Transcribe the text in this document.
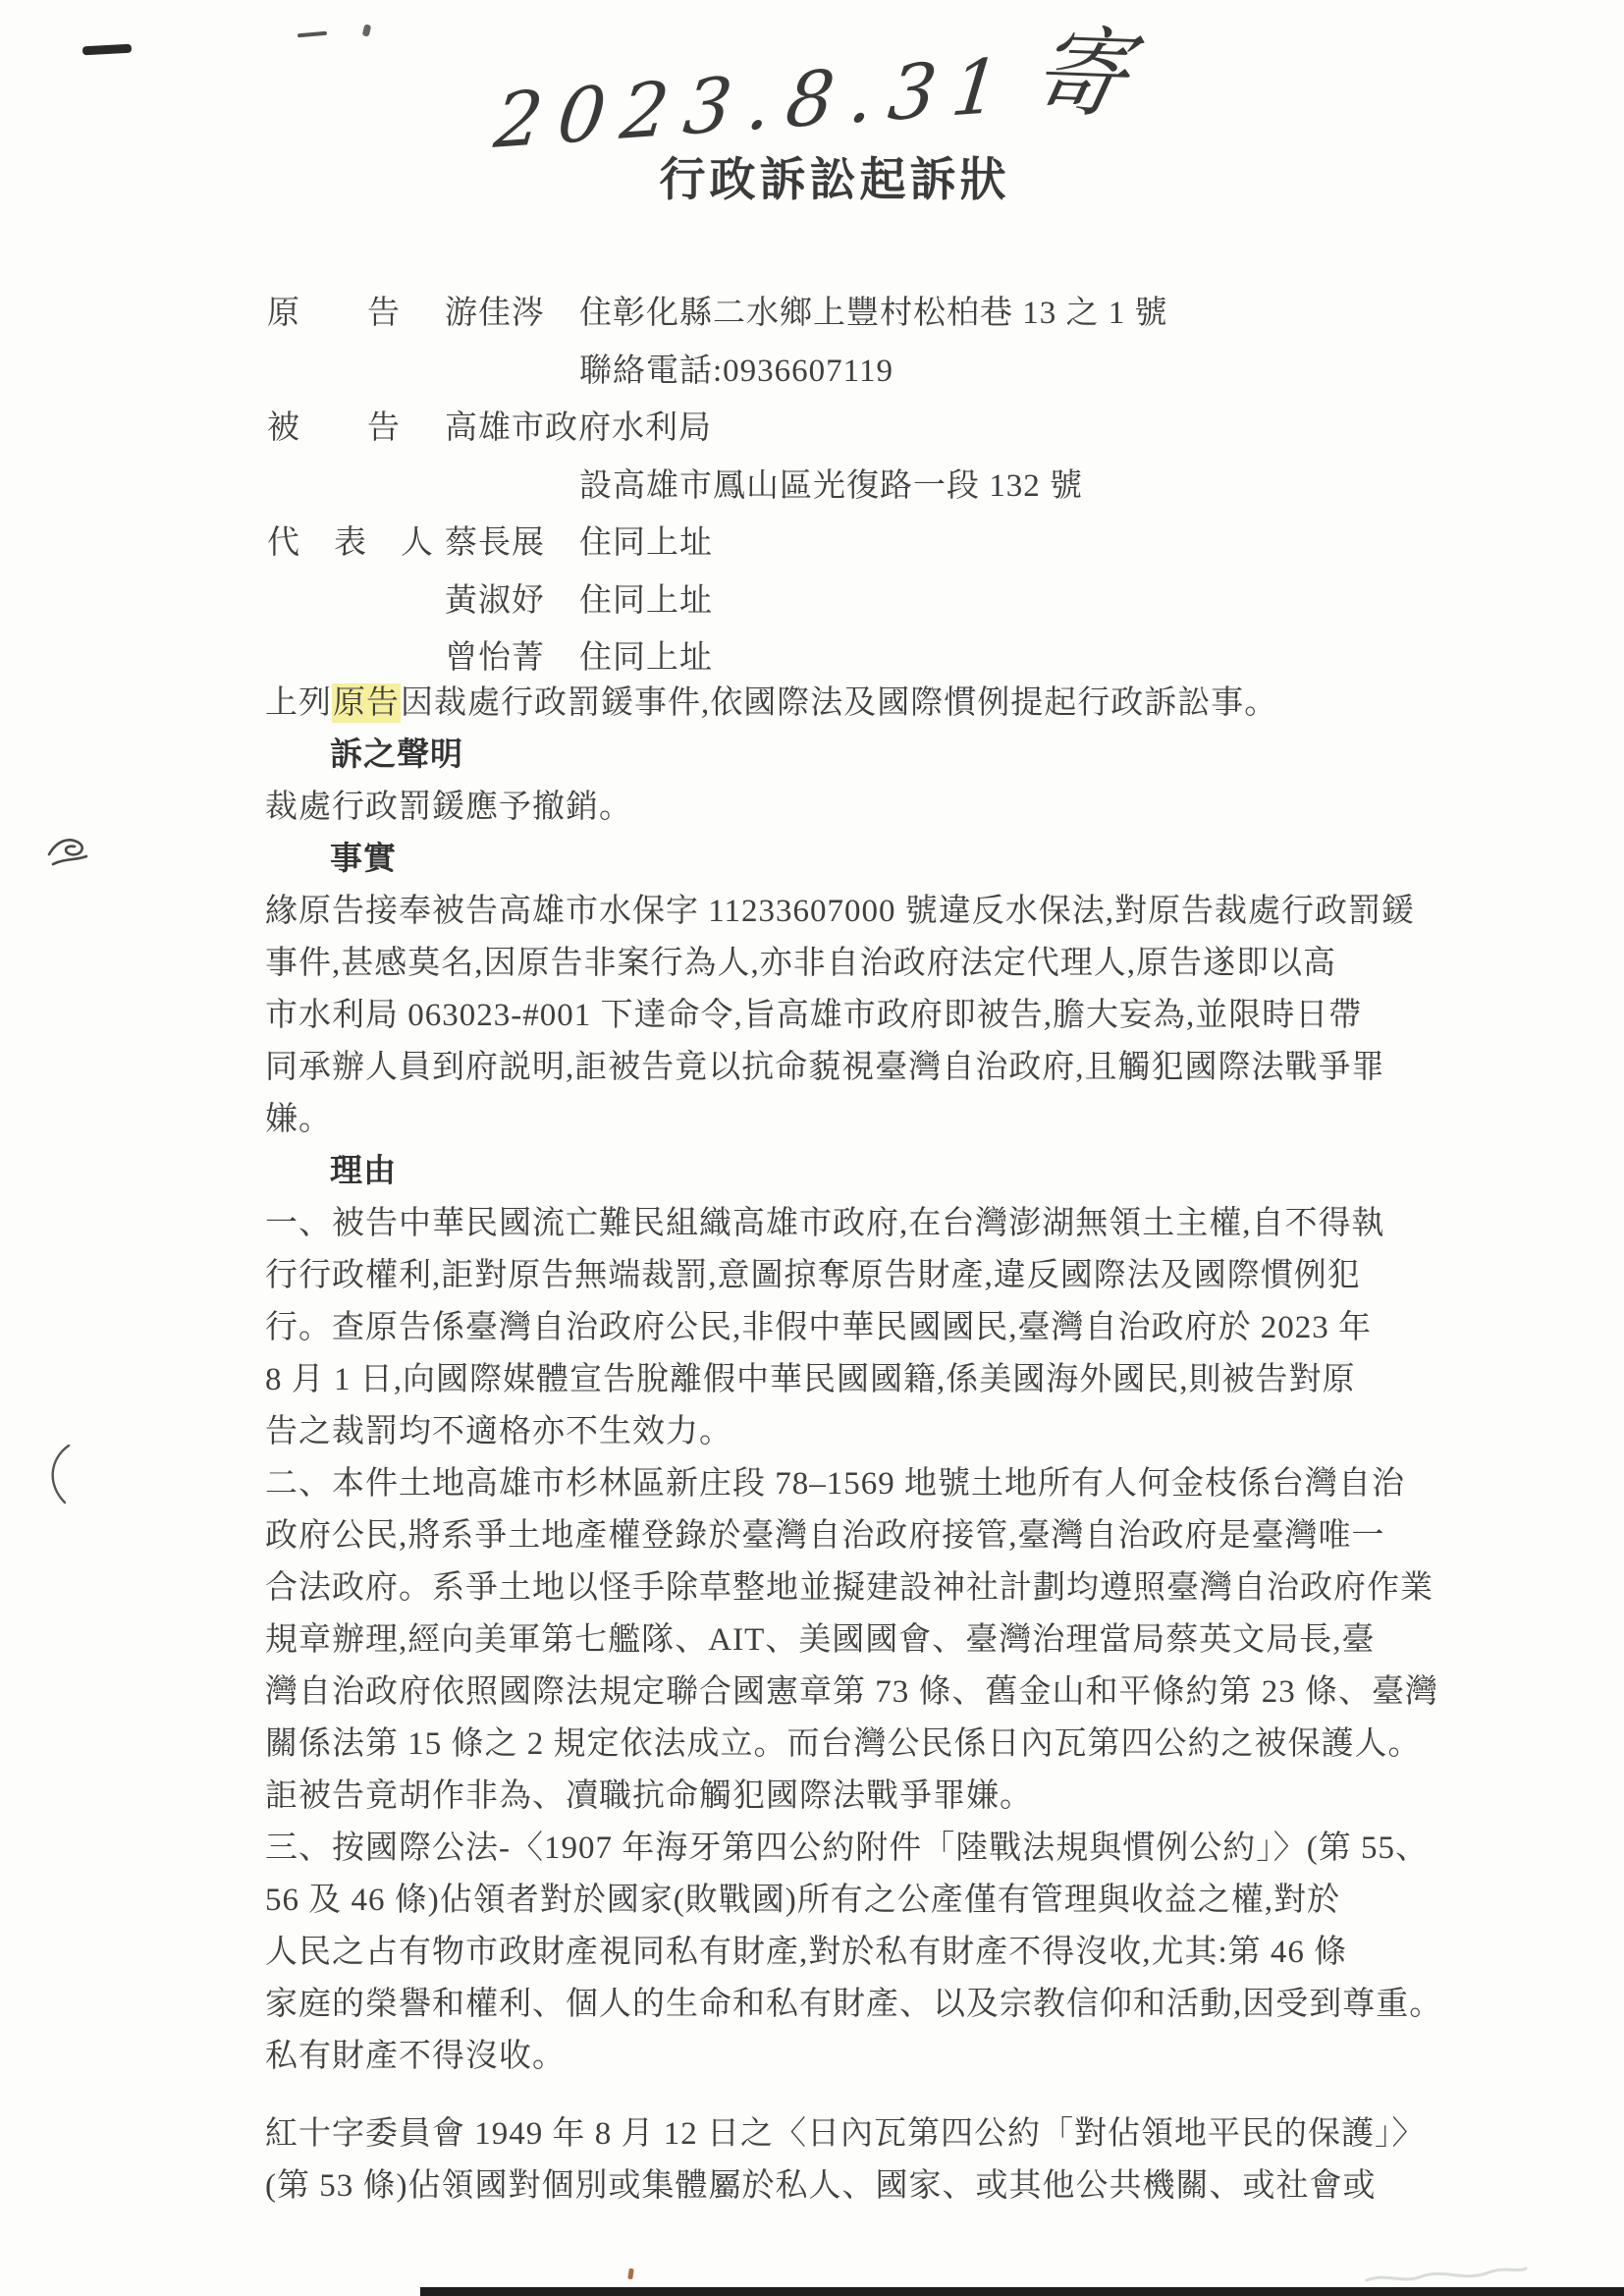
2023.8.31寄
行政訴訟起訴狀
原　　告 游佳涔 住彰化縣二水鄉上豐村松柏巷 13 之 1 號
聯絡電話:0936607119
被　　告 高雄市政府水利局
設高雄市鳳山區光復路一段 132 號
代　表　人 蔡長展 住同上址
黃淑妤 住同上址
曾怡菁 住同上址
上列原告因裁處行政罰鍰事件,依國際法及國際慣例提起行政訴訟事。
訴之聲明
裁處行政罰鍰應予撤銷。
事實
緣原告接奉被告高雄市水保字 11233607000 號違反水保法,對原告裁處行政罰鍰
事件,甚感莫名,因原告非案行為人,亦非自治政府法定代理人,原告遂即以高
市水利局 063023-#001 下達命令,旨高雄市政府即被告,膽大妄為,並限時日帶
同承辦人員到府説明,詎被告竟以抗命藐視臺灣自治政府,且觸犯國際法戰爭罪
嫌。
理由
一、被告中華民國流亡難民組織高雄市政府,在台灣澎湖無領土主權,自不得執
行行政權利,詎對原告無端裁罰,意圖掠奪原告財產,違反國際法及國際慣例犯
行。查原告係臺灣自治政府公民,非假中華民國國民,臺灣自治政府於 2023 年
8 月 1 日,向國際媒體宣告脫離假中華民國國籍,係美國海外國民,則被告對原
告之裁罰均不適格亦不生效力。
二、本件土地高雄市杉林區新庄段 78–1569 地號土地所有人何金枝係台灣自治
政府公民,將系爭土地產權登錄於臺灣自治政府接管,臺灣自治政府是臺灣唯一
合法政府。系爭土地以怪手除草整地並擬建設神社計劃均遵照臺灣自治政府作業
規章辦理,經向美軍第七艦隊、AIT、美國國會、臺灣治理當局蔡英文局長,臺
灣自治政府依照國際法規定聯合國憲章第 73 條、舊金山和平條約第 23 條、臺灣
關係法第 15 條之 2 規定依法成立。而台灣公民係日內瓦第四公約之被保護人。
詎被告竟胡作非為、凟職抗命觸犯國際法戰爭罪嫌。
三、按國際公法-〈1907 年海牙第四公約附件「陸戰法規與慣例公約」〉(第 55、
56 及 46 條)佔領者對於國家(敗戰國)所有之公產僅有管理與收益之權,對於
人民之占有物市政財產視同私有財產,對於私有財產不得沒收,尤其:第 46 條
家庭的榮譽和權利、個人的生命和私有財產、以及宗教信仰和活動,因受到尊重。
私有財產不得沒收。
紅十字委員會 1949 年 8 月 12 日之〈日內瓦第四公約「對佔領地平民的保護」〉
(第 53 條)佔領國對個別或集體屬於私人、國家、或其他公共機關、或社會或
